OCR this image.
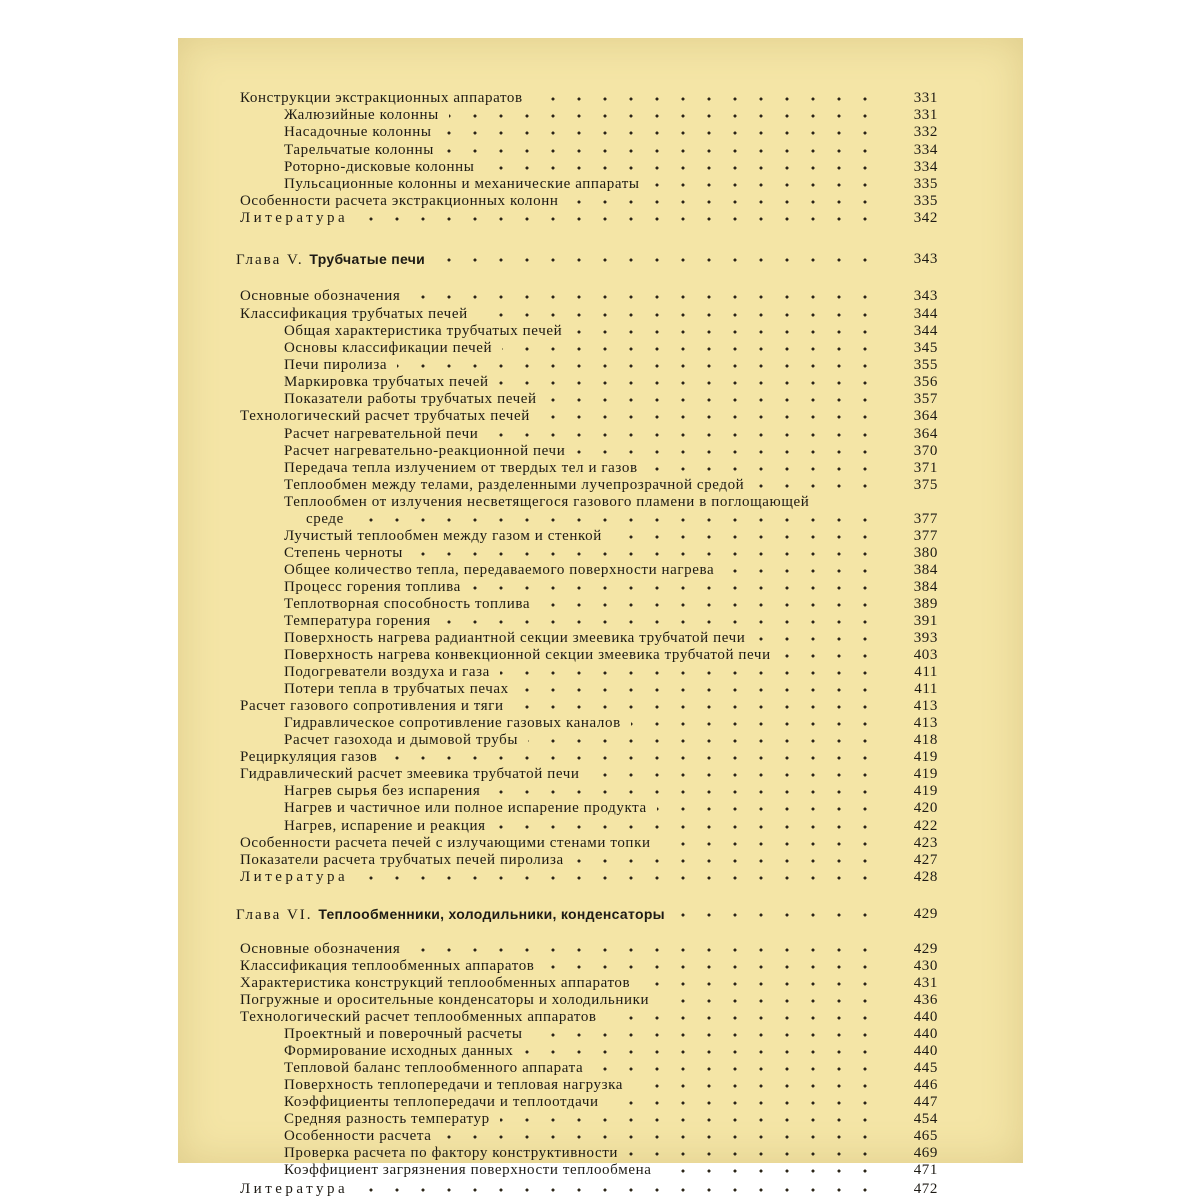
Конструкции экстракционных аппаратов	331
Жалюзийные колонны	331
Насадочные колонны	332
Тарельчатые колонны	334
Роторно-дисковые колонны	334
Пульсационные колонны и механические аппараты	335
Особенности расчета экстракционных колонн	335
Литература	342
Глава V. Трубчатые печи	343
Основные обозначения	343
Классификация трубчатых печей	344
Общая характеристика трубчатых печей	344
Основы классификации печей	345
Печи пиролиза	355
Маркировка трубчатых печей	356
Показатели работы трубчатых печей	357
Технологический расчет трубчатых печей	364
Расчет нагревательной печи	364
Расчет нагревательно-реакционной печи	370
Передача тепла излучением от твердых тел и газов	371
Теплообмен между телами, разделенными лучепрозрачной средой	375
Теплообмен от излучения несветящегося газового пламени в поглощающей
среде	377
Лучистый теплообмен между газом и стенкой	377
Степень черноты	380
Общее количество тепла, передаваемого поверхности нагрева	384
Процесс горения топлива	384
Теплотворная способность топлива	389
Температура горения	391
Поверхность нагрева радиантной секции змеевика трубчатой печи	393
Поверхность нагрева конвекционной секции змеевика трубчатой печи	403
Подогреватели воздуха и газа	411
Потери тепла в трубчатых печах	411
Расчет газового сопротивления и тяги	413
Гидравлическое сопротивление газовых каналов	413
Расчет газохода и дымовой трубы	418
Рециркуляция газов	419
Гидравлический расчет змеевика трубчатой печи	419
Нагрев сырья без испарения	419
Нагрев и частичное или полное испарение продукта	420
Нагрев, испарение и реакция	422
Особенности расчета печей с излучающими стенами топки	423
Показатели расчета трубчатых печей пиролиза	427
Литература	428
Глава VI. Теплообменники, холодильники, конденсаторы	429
Основные обозначения	429
Классификация теплообменных аппаратов	430
Характеристика конструкций теплообменных аппаратов	431
Погружные и оросительные конденсаторы и холодильники	436
Технологический расчет теплообменных аппаратов	440
Проектный и поверочный расчеты	440
Формирование исходных данных	440
Тепловой баланс теплообменного аппарата	445
Поверхность теплопередачи и тепловая нагрузка	446
Коэффициенты теплопередачи и теплоотдачи	447
Средняя разность температур	454
Особенности расчета	465
Проверка расчета по фактору конструктивности	469
Коэффициент загрязнения поверхности теплообмена	471
Литература	472
